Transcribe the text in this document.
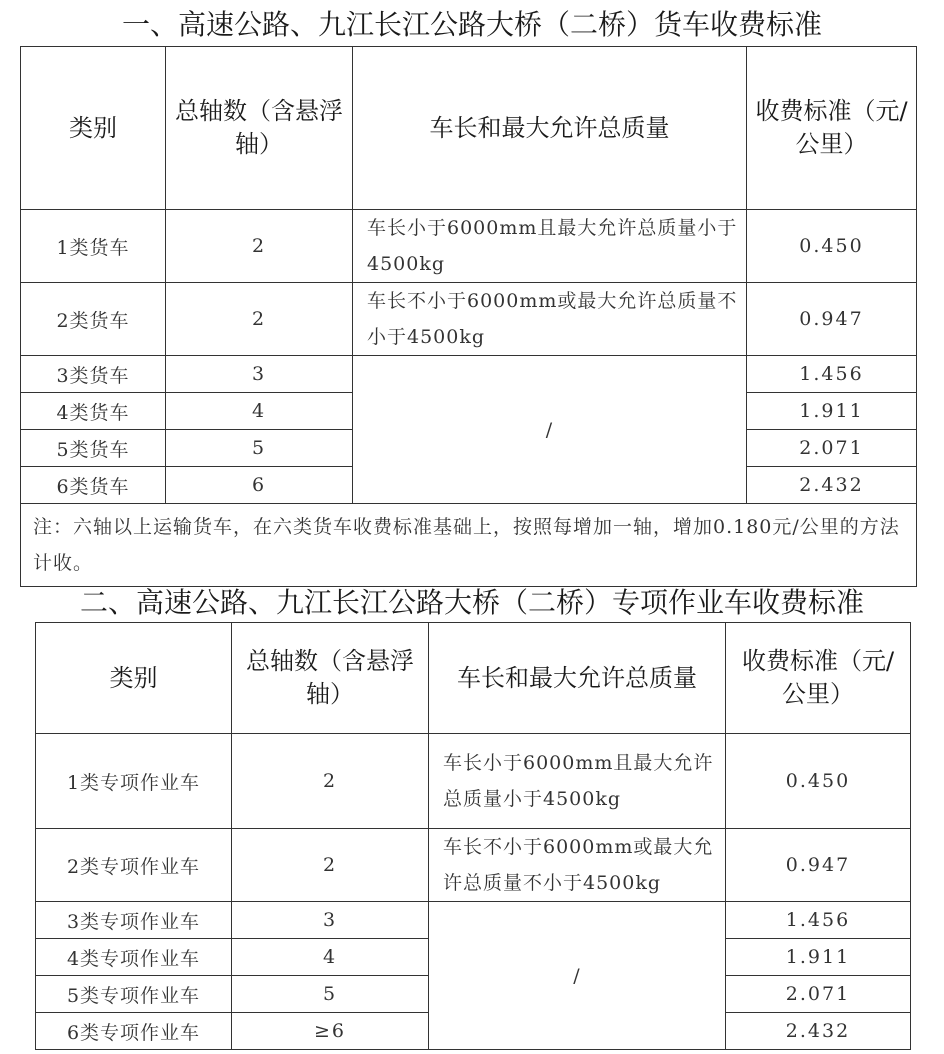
一、高速公路、九江长江公路大桥（二桥）货车收费标准
类别	总轴数（含悬浮轴）	车长和最大允许总质量	收费标准（元/公里）
1类货车	2	车长小于6000mm且最大允许总质量小于4500kg	0.450
2类货车	2	车长不小于6000mm或最大允许总质量不小于4500kg	0.947
3类货车	3	/	1.456
4类货车	4		1.911
5类货车	5		2.071
6类货车	6		2.432
注：六轴以上运输货车，在六类货车收费标准基础上，按照每增加一轴，增加0.180元/公里的方法计收。			
二、高速公路、九江长江公路大桥（二桥）专项作业车收费标准
类别	总轴数（含悬浮轴）	车长和最大允许总质量	收费标准（元/公里）
1类专项作业车	2	车长小于6000mm且最大允许总质量小于4500kg	0.450
2类专项作业车	2	车长不小于6000mm或最大允许总质量不小于4500kg	0.947
3类专项作业车	3	/	1.456
4类专项作业车	4		1.911
5类专项作业车	5		2.071
6类专项作业车	≥6		2.432
